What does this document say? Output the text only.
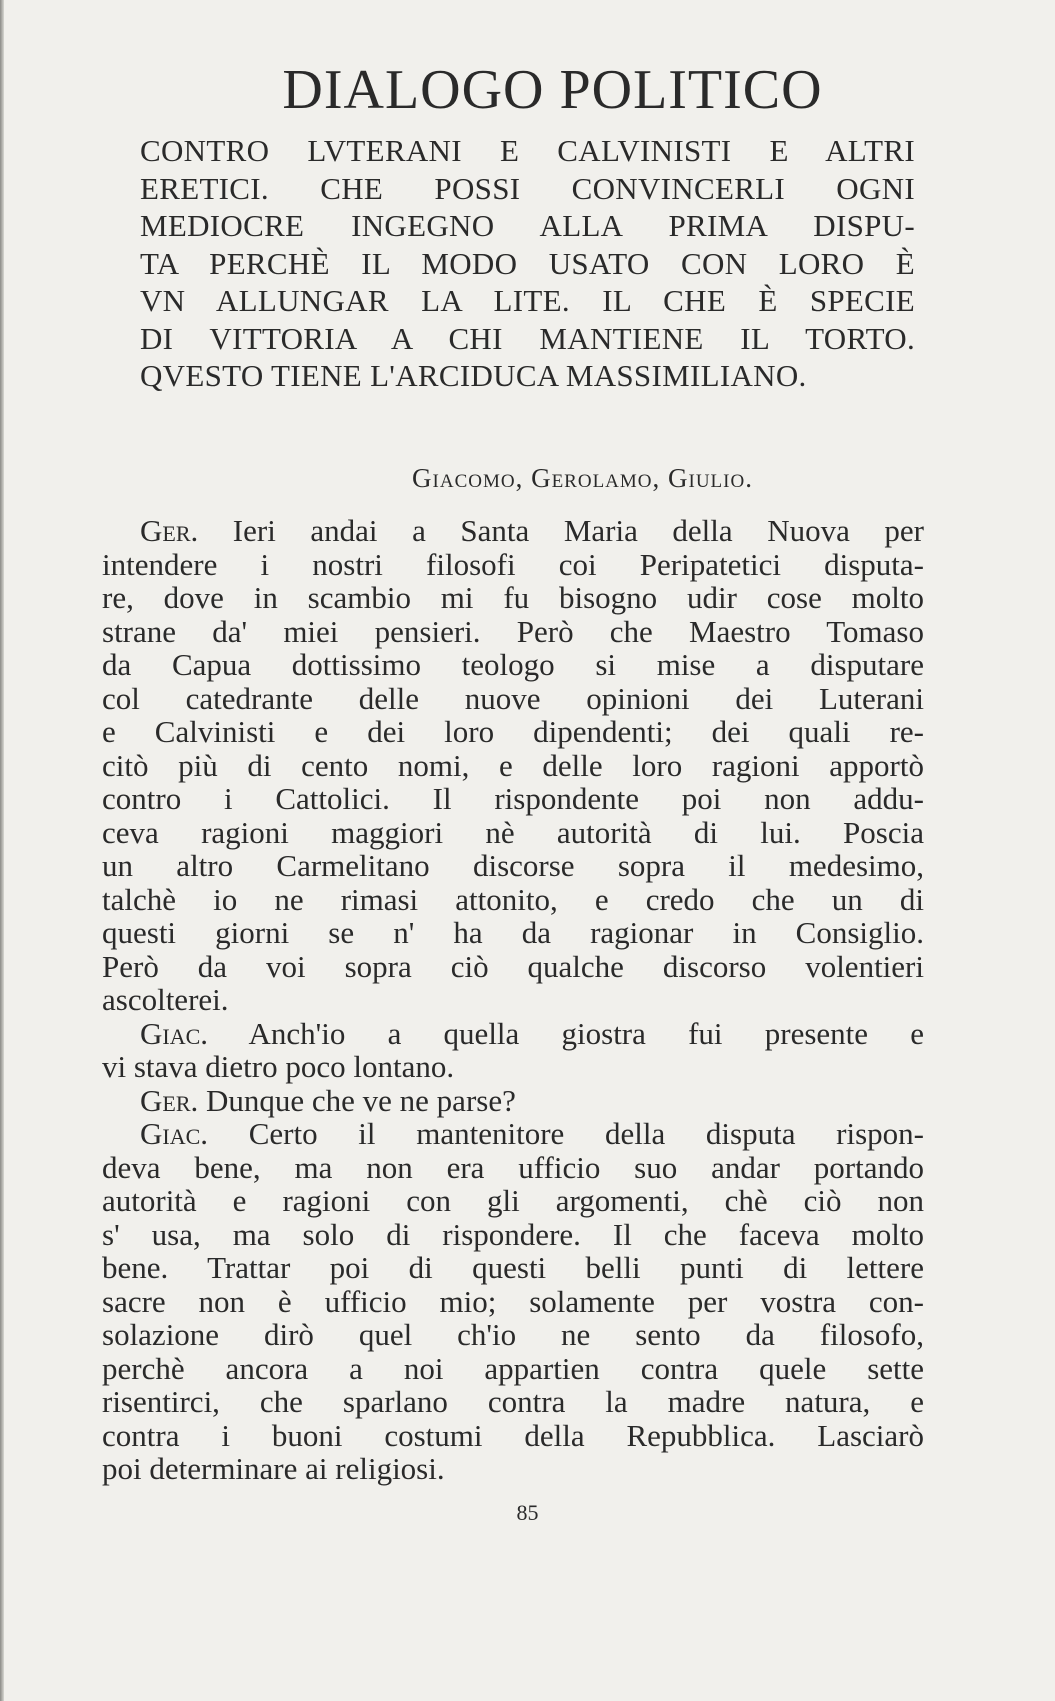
DIALOGO POLITICO
CONTRO LVTERANI E CALVINISTI E ALTRI
ERETICI. CHE POSSI CONVINCERLI OGNI
MEDIOCRE INGEGNO ALLA PRIMA DISPU-
TA PERCHÈ IL MODO USATO CON LORO È
VN ALLUNGAR LA LITE. IL CHE È SPECIE
DI VITTORIA A CHI MANTIENE IL TORTO.
QVESTO TIENE L'ARCIDUCA MASSIMILIANO.
Giacomo, Gerolamo, Giulio.
Ger. Ieri andai a Santa Maria della Nuova per
intendere i nostri filosofi coi Peripatetici disputa-
re, dove in scambio mi fu bisogno udir cose molto
strane da' miei pensieri. Però che Maestro Tomaso
da Capua dottissimo teologo si mise a disputare
col catedrante delle nuove opinioni dei Luterani
e Calvinisti e dei loro dipendenti; dei quali re-
citò più di cento nomi, e delle loro ragioni apportò
contro i Cattolici. Il rispondente poi non addu-
ceva ragioni maggiori nè autorità di lui. Poscia
un altro Carmelitano discorse sopra il medesimo,
talchè io ne rimasi attonito, e credo che un di
questi giorni se n' ha da ragionar in Consiglio.
Però da voi sopra ciò qualche discorso volentieri
ascolterei.
Giac. Anch'io a quella giostra fui presente e
vi stava dietro poco lontano.
Ger. Dunque che ve ne parse?
Giac. Certo il mantenitore della disputa rispon-
deva bene, ma non era ufficio suo andar portando
autorità e ragioni con gli argomenti, chè ciò non
s' usa, ma solo di rispondere. Il che faceva molto
bene. Trattar poi di questi belli punti di lettere
sacre non è ufficio mio; solamente per vostra con-
solazione dirò quel ch'io ne sento da filosofo,
perchè ancora a noi appartien contra quele sette
risentirci, che sparlano contra la madre natura, e
contra i buoni costumi della Repubblica. Lasciarò
poi determinare ai religiosi.
85
